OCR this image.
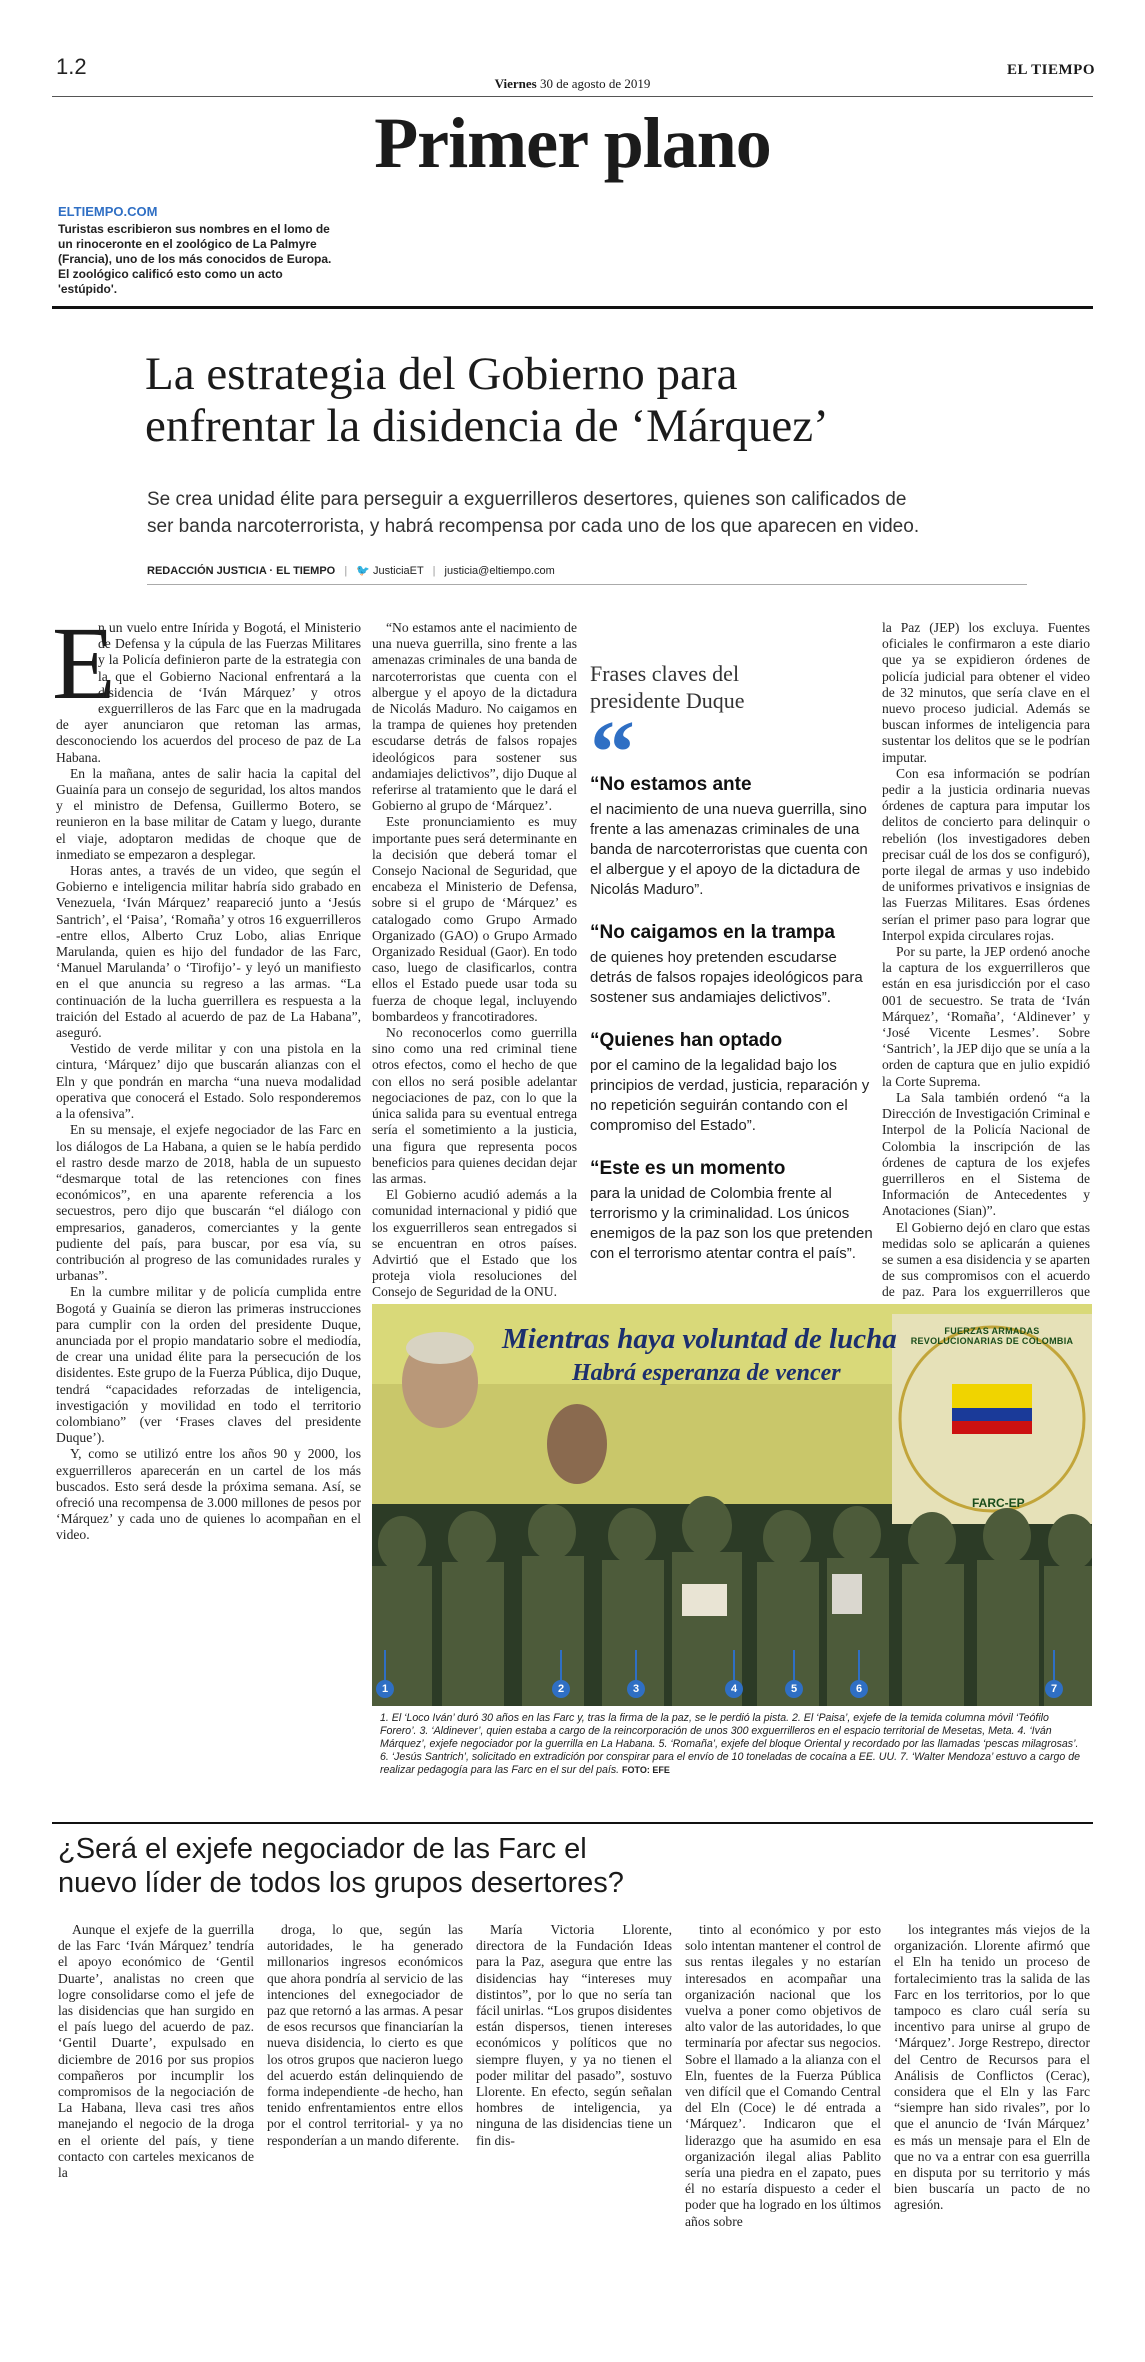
1.2
Viernes 30 de agosto de 2019
EL TIEMPO
Primer plano
ELTIEMPO.COM
Turistas escribieron sus nombres en el lomo de un rinoceronte en el zoológico de La Palmyre (Francia), uno de los más conocidos de Europa. El zoológico calificó esto como un acto 'estúpido'.
La estrategia del Gobierno para
enfrentar la disidencia de ‘Márquez’
Se crea unidad élite para perseguir a exguerrilleros desertores, quienes son calificados de
ser banda narcoterrorista, y habrá recompensa por cada uno de los que aparecen en video.
REDACCIÓN JUSTICIA · EL TIEMPO | 🐦 JusticiaET | justicia@eltiempo.com
E

n un vuelo entre Inírida y Bogotá, el Ministerio de Defensa y la cúpula de las Fuerzas Militares y la Policía definieron parte de la estrategia con la que el Gobierno Nacional enfrentará a la disidencia de ‘Iván Márquez’ y otros exguerrilleros de las Farc que en la madrugada de ayer anunciaron que retoman las armas, desconociendo los acuerdos del proceso de paz de La Habana.

En la mañana, antes de salir hacia la capital del Guainía para un consejo de seguridad, los altos mandos y el ministro de Defensa, Guillermo Botero, se reunieron en la base militar de Catam y luego, durante el viaje, adoptaron medidas de choque que de inmediato se empezaron a desplegar.

Horas antes, a través de un video, que según el Gobierno e inteligencia militar habría sido grabado en Venezuela, ‘Iván Márquez’ reapareció junto a ‘Jesús Santrich’, el ‘Paisa’, ‘Romaña’ y otros 16 exguerrilleros -entre ellos, Alberto Cruz Lobo, alias Enrique Marulanda, quien es hijo del fundador de las Farc, ‘Manuel Marulanda’ o ‘Tirofijo’- y leyó un manifiesto en el que anuncia su regreso a las armas. “La continuación de la lucha guerrillera es respuesta a la traición del Estado al acuerdo de paz de La Habana”, aseguró.

Vestido de verde militar y con una pistola en la cintura, ‘Márquez’ dijo que buscarán alianzas con el Eln y que pondrán en marcha “una nueva modalidad operativa que conocerá el Estado. Solo responderemos a la ofensiva”.

En su mensaje, el exjefe negociador de las Farc en los diálogos de La Habana, a quien se le había perdido el rastro desde marzo de 2018, habla de un supuesto “desmarque total de las retenciones con fines económicos”, en una aparente referencia a los secuestros, pero dijo que buscarán “el diálogo con empresarios, ganaderos, comerciantes y la gente pudiente del país, para buscar, por esa vía, su contribución al progreso de las comunidades rurales y urbanas”.

En la cumbre militar y de policía cumplida entre Bogotá y Guainía se dieron las primeras instrucciones para cumplir con la orden del presidente Duque, anunciada por el propio mandatario sobre el mediodía, de crear una unidad élite para la persecución de los disidentes. Este grupo de la Fuerza Pública, dijo Duque, tendrá “capacidades reforzadas de inteligencia, investigación y movilidad en todo el territorio colombiano” (ver ‘Frases claves del presidente Duque’).

Y, como se utilizó entre los años 90 y 2000, los exguerrilleros aparecerán en un cartel de los más buscados. Esto será desde la próxima semana. Así, se ofreció una recompensa de 3.000 millones de pesos por ‘Márquez’ y cada uno de quienes lo acompañan en el video.

“No estamos ante el nacimiento de una nueva guerrilla, sino frente a las amenazas criminales de una banda de narcoterroristas que cuenta con el albergue y el apoyo de la dictadura de Nicolás Maduro. No caigamos en la trampa de quienes hoy pretenden escudarse detrás de falsos ropajes ideológicos para sostener sus andamiajes delictivos”, dijo Duque al referirse al tratamiento que le dará el Gobierno al grupo de ‘Márquez’.

Este pronunciamiento es muy importante pues será determinante en la decisión que deberá tomar el Consejo Nacional de Seguridad, que encabeza el Ministerio de Defensa, sobre si el grupo de ‘Márquez’ es catalogado como Grupo Armado Organizado (GAO) o Grupo Armado Organizado Residual (Gaor). En todo caso, luego de clasificarlos, contra ellos el Estado puede usar toda su fuerza de choque legal, incluyendo bombardeos y francotiradores.

No reconocerlos como guerrilla sino como una red criminal tiene otros efectos, como el hecho de que con ellos no será posible adelantar negociaciones de paz, con lo que la única salida para su eventual entrega sería el sometimiento a la justicia, una figura que representa pocos beneficios para quienes decidan dejar las armas.

El Gobierno acudió además a la comunidad internacional y pidió que los exguerrilleros sean entregados si se encuentran en otros países. Advirtió que el Estado que los proteja viola resoluciones del Consejo de Seguridad de la ONU.

la Paz (JEP) los excluya. Fuentes oficiales le confirmaron a este diario que ya se expidieron órdenes de policía judicial para obtener el video de 32 minutos, que sería clave en el nuevo proceso judicial. Además se buscan informes de inteligencia para sustentar los delitos que se le podrían imputar.

Con esa información se podrían pedir a la justicia ordinaria nuevas órdenes de captura para imputar los delitos de concierto para delinquir o rebelión (los investigadores deben precisar cuál de los dos se configuró), porte ilegal de armas y uso indebido de uniformes privativos e insignias de las Fuerzas Militares. Esas órdenes serían el primer paso para lograr que Interpol expida circulares rojas.

Por su parte, la JEP ordenó anoche la captura de los exguerrilleros que están en esa jurisdicción por el caso 001 de secuestro. Se trata de ‘Iván Márquez’, ‘Romaña’, ‘Aldinever’ y ‘José Vicente Lesmes’. Sobre ‘Santrich’, la JEP dijo que se unía a la orden de captura que en julio expidió la Corte Suprema.

La Sala también ordenó “a la Dirección de Investigación Criminal e Interpol de la Policía Nacional de Colombia la inscripción de las órdenes de captura de los exjefes guerrilleros en el Sistema de Información de Antecedentes y Anotaciones (Sian)”.

El Gobierno dejó en claro que estas medidas solo se aplicarán a quienes se sumen a esa disidencia y se aparten de sus compromisos con el acuerdo de paz. Para los exguerrilleros que

Frases claves del
presidente Duque
“
“No estamos ante
el nacimiento de una nueva guerrilla, sino frente a las amenazas criminales de una banda de narcoterroristas que cuenta con el albergue y el apoyo de la dictadura de Nicolás Maduro”.
“No caigamos en la trampa
de quienes hoy pretenden escudarse detrás de falsos ropajes ideológicos para sostener sus andamiajes delictivos”.
“Quienes han optado
por el camino de la legalidad bajo los principios de verdad, justicia, reparación y no repetición seguirán contando con el compromiso del Estado”.
“Este es un momento
para la unidad de Colombia frente al terrorismo y la criminalidad. Los únicos enemigos de la paz son los que pretenden con el terrorismo atentar contra el país”.
Mientras haya voluntad de lucha
Habrá esperanza de vencer
FUERZAS ARMADAS REVOLUCIONARIAS DE COLOMBIA
FARC-EP
1	2	3	4	5	6	7
1. El ‘Loco Iván’ duró 30 años en las Farc y, tras la firma de la paz, se le perdió la pista. 2. El ‘Paisa’, exjefe de la temida columna móvil ‘Teófilo Forero’. 3. ‘Aldinever’, quien estaba a cargo de la reincorporación de unos 300 exguerrilleros en el espacio territorial de Mesetas, Meta. 4. ‘Iván Márquez’, exjefe negociador por la guerrilla en La Habana. 5. ‘Romaña’, exjefe del bloque Oriental y recordado por las llamadas ‘pescas milagrosas’. 6. ‘Jesús Santrich’, solicitado en extradición por conspirar para el envío de 10 toneladas de cocaína a EE. UU. 7. ‘Walter Mendoza’ estuvo a cargo de realizar pedagogía para las Farc en el sur del país. FOTO: EFE
¿Será el exjefe negociador de las Farc el
nuevo líder de todos los grupos desertores?
Aunque el exjefe de la guerrilla de las Farc ‘Iván Márquez’ tendría el apoyo económico de ‘Gentil Duarte’, analistas no creen que logre consolidarse como el jefe de las disidencias que han surgido en el país luego del acuerdo de paz. ‘Gentil Duarte’, expulsado en diciembre de 2016 por sus propios compañeros por incumplir los compromisos de la negociación de La Habana, lleva casi tres años manejando el negocio de la droga en el oriente del país, y tiene contacto con carteles mexicanos de la
droga, lo que, según las autoridades, le ha generado millonarios ingresos económicos que ahora pondría al servicio de las intenciones del exnegociador de paz que retornó a las armas. A pesar de esos recursos que financiarían la nueva disidencia, lo cierto es que los otros grupos que nacieron luego del acuerdo están delinquiendo de forma independiente -de hecho, han tenido enfrentamientos entre ellos por el control territorial- y ya no responderían a un mando diferente.
María Victoria Llorente, directora de la Fundación Ideas para la Paz, asegura que entre las disidencias hay “intereses muy distintos”, por lo que no sería tan fácil unirlas. “Los grupos disidentes están dispersos, tienen intereses económicos y políticos que no siempre fluyen, y ya no tienen el poder militar del pasado”, sostuvo Llorente. En efecto, según señalan hombres de inteligencia, ya ninguna de las disidencias tiene un fin dis-
tinto al económico y por esto solo intentan mantener el control de sus rentas ilegales y no estarían interesados en acompañar una organización nacional que los vuelva a poner como objetivos de alto valor de las autoridades, lo que terminaría por afectar sus negocios. Sobre el llamado a la alianza con el Eln, fuentes de la Fuerza Pública ven difícil que el Comando Central del Eln (Coce) le dé entrada a ‘Márquez’. Indicaron que el liderazgo que ha asumido en esa organización ilegal alias Pablito sería una piedra en el zapato, pues él no estaría dispuesto a ceder el poder que ha logrado en los últimos años sobre
los integrantes más viejos de la organización. Llorente afirmó que el Eln ha tenido un proceso de fortalecimiento tras la salida de las Farc en los territorios, por lo que tampoco es claro cuál sería su incentivo para unirse al grupo de ‘Márquez’. Jorge Restrepo, director del Centro de Recursos para el Análisis de Conflictos (Cerac), considera que el Eln y las Farc “siempre han sido rivales”, por lo que el anuncio de ‘Iván Márquez’ es más un mensaje para el Eln de que no va a entrar con esa guerrilla en disputa por su territorio y más bien buscaría un pacto de no agresión.
